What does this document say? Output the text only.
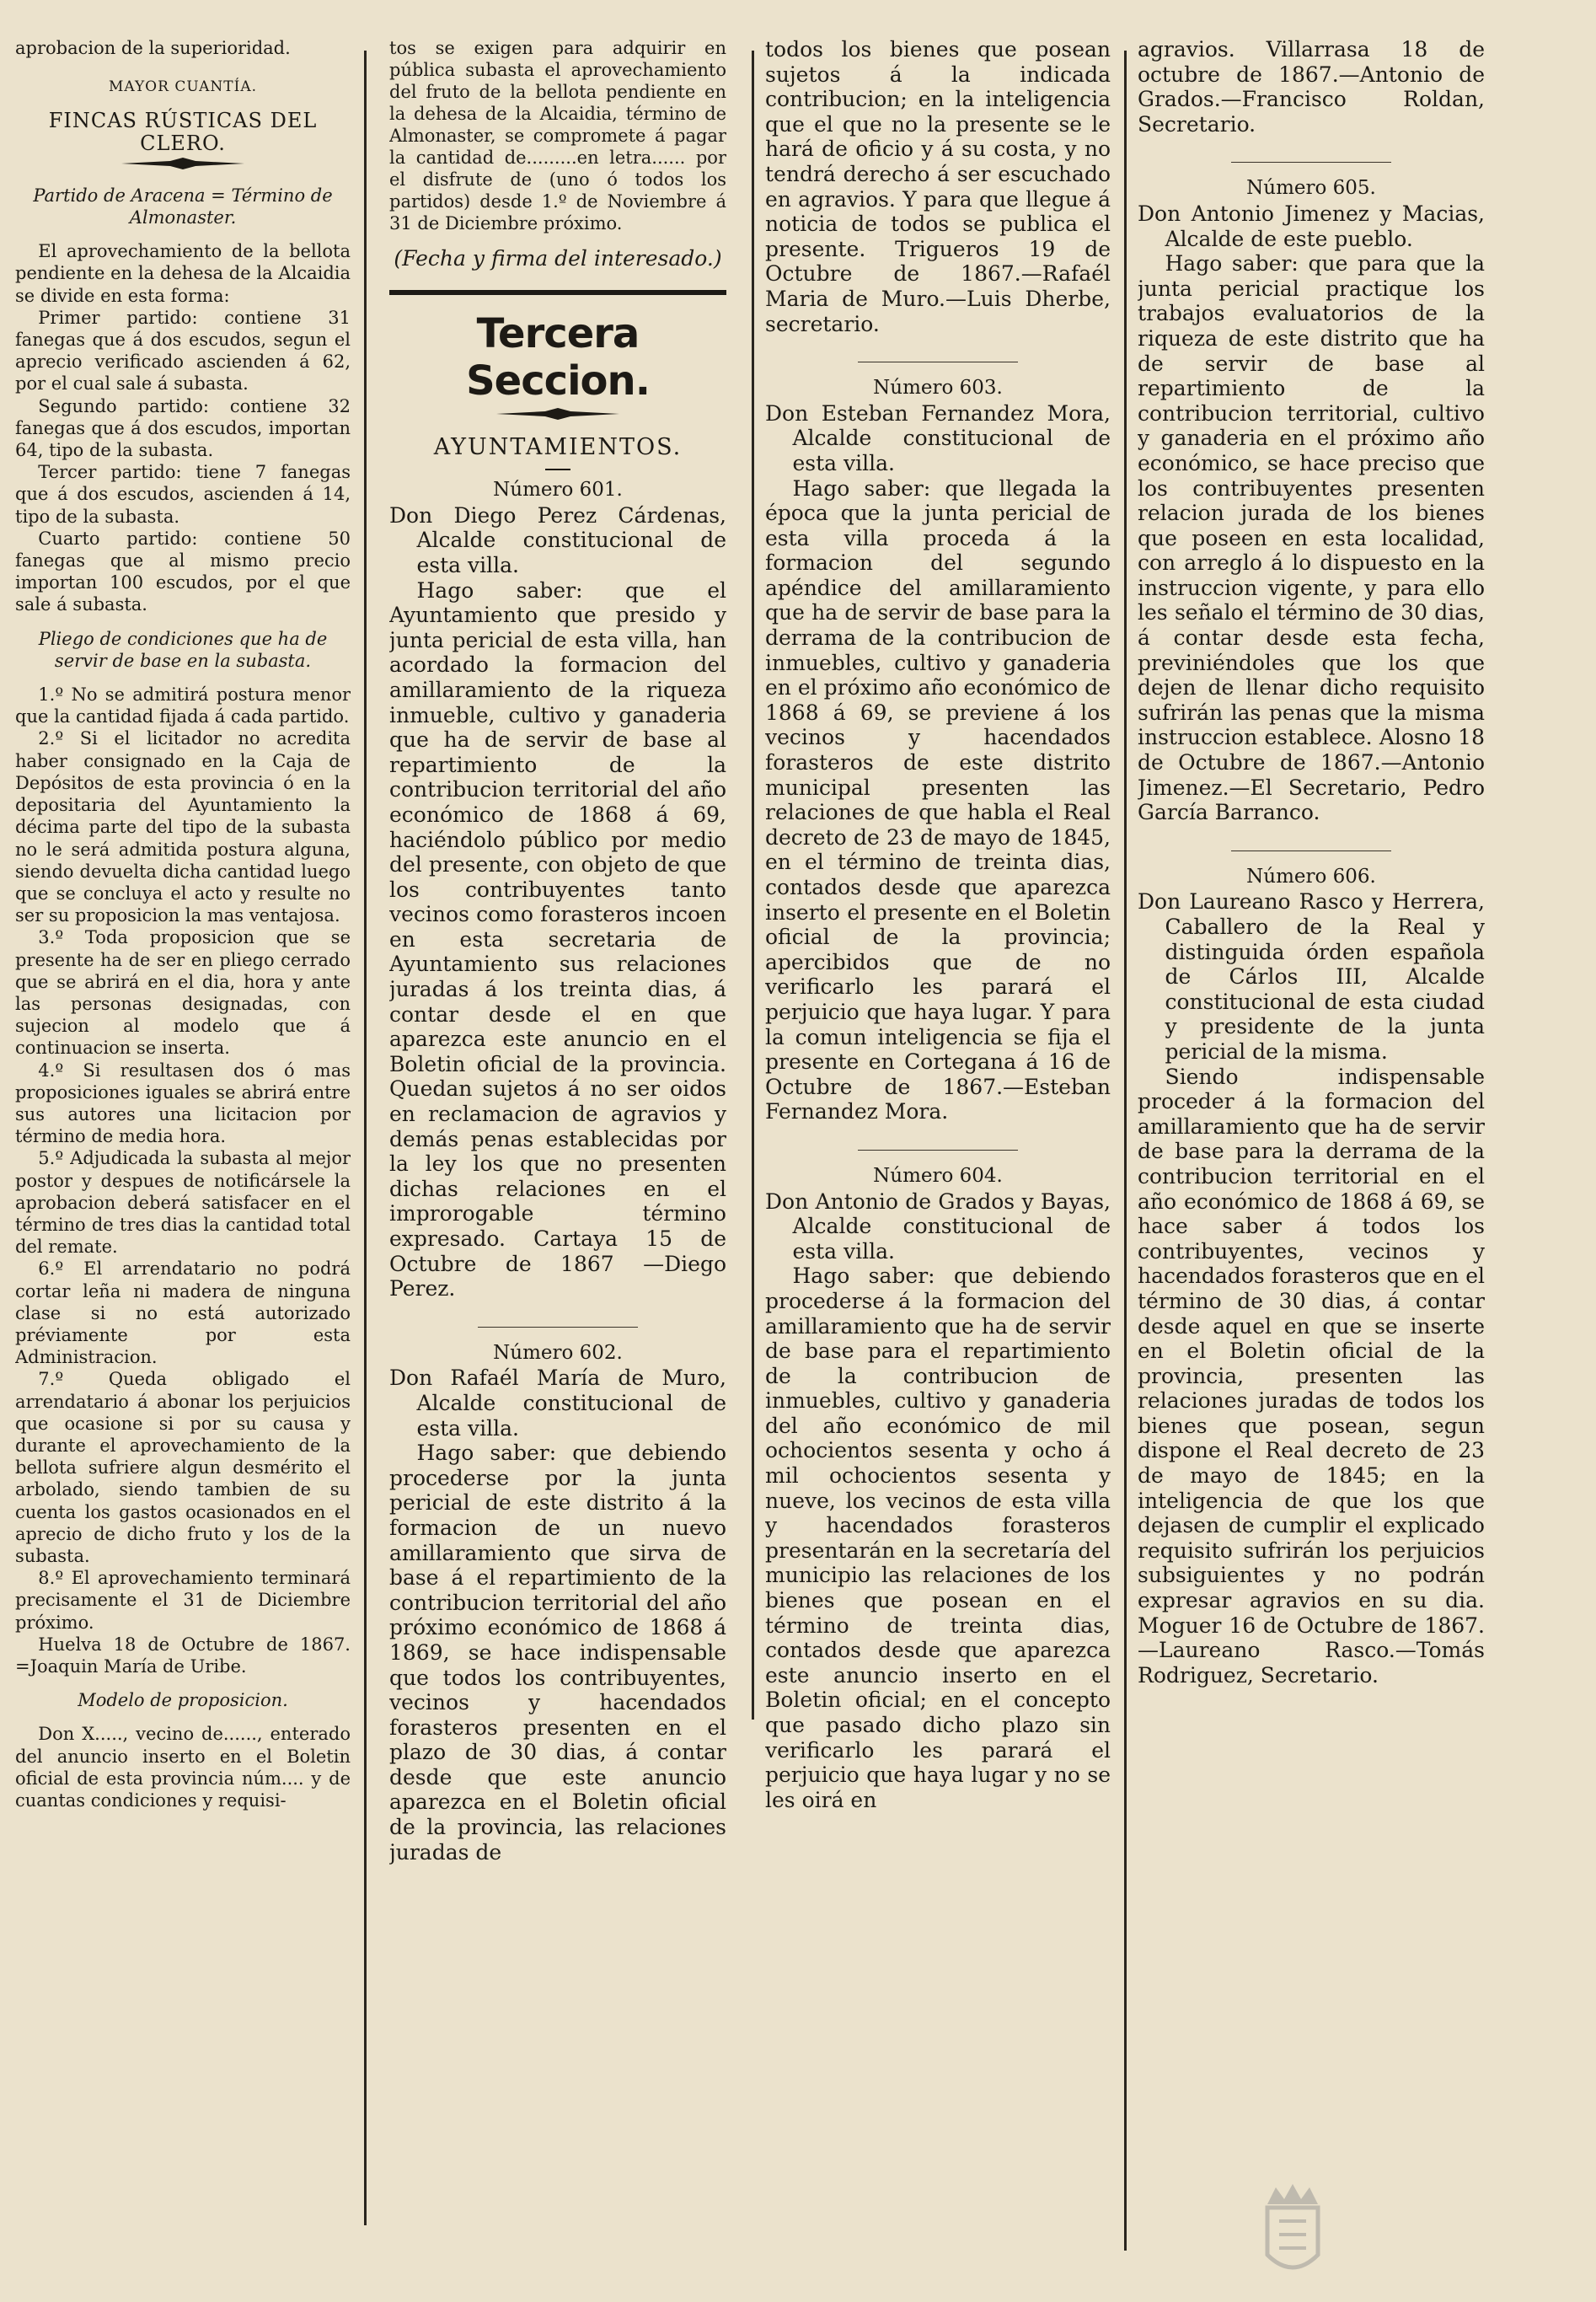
aprobacion de la superioridad.

MAYOR CUANTÍA.

FINCAS RÚSTICAS DEL CLERO.

Partido de Aracena = Término de Almonaster.

El aprovechamiento de la bellota pendiente en la dehesa de la Alcaidia se divide en esta forma:

Primer partido: contiene 31 fanegas que á dos escudos, segun el aprecio verificado ascienden á 62, por el cual sale á subasta.

Segundo partido: contiene 32 fanegas que á dos escudos, importan 64, tipo de la subasta.

Tercer partido: tiene 7 fanegas que á dos escudos, ascienden á 14, tipo de la subasta.

Cuarto partido: contiene 50 fanegas que al mismo precio importan 100 escudos, por el que sale á subasta.

Pliego de condiciones que ha de servir de base en la subasta.

1.º No se admitirá postura menor que la cantidad fijada á cada partido.

2.º Si el licitador no acredita haber consignado en la Caja de Depósitos de esta provincia ó en la depositaria del Ayuntamiento la décima parte del tipo de la subasta no le será admitida postura alguna, siendo devuelta dicha cantidad luego que se concluya el acto y resulte no ser su proposicion la mas ventajosa.

3.º Toda proposicion que se presente ha de ser en pliego cerrado que se abrirá en el dia, hora y ante las personas designadas, con sujecion al modelo que á continuacion se inserta.

4.º Si resultasen dos ó mas proposiciones iguales se abrirá entre sus autores una licitacion por término de media hora.

5.º Adjudicada la subasta al mejor postor y despues de notificársele la aprobacion deberá satisfacer en el término de tres dias la cantidad total del remate.

6.º El arrendatario no podrá cortar leña ni madera de ninguna clase si no está autorizado préviamente por esta Administracion.

7.º Queda obligado el arrendatario á abonar los perjuicios que ocasione si por su causa y durante el aprovechamiento de la bellota sufriere algun desmérito el arbolado, siendo tambien de su cuenta los gastos ocasionados en el aprecio de dicho fruto y los de la subasta.

8.º El aprovechamiento terminará precisamente el 31 de Diciembre próximo.

Huelva 18 de Octubre de 1867. =Joaquin María de Uribe.

Modelo de proposicion.

Don X....., vecino de......, enterado del anuncio inserto en el Boletin oficial de esta provincia núm.... y de cuantas condiciones y requisi-

tos se exigen para adquirir en pública subasta el aprovechamiento del fruto de la bellota pendiente en la dehesa de la Alcaidia, término de Almonaster, se compromete á pagar la cantidad de.........en letra...... por el disfrute de (uno ó todos los partidos) desde 1.º de Noviembre á 31 de Diciembre próximo.

(Fecha y firma del interesado.)

Tercera Seccion.

AYUNTAMIENTOS.

Número 601.

Don Diego Perez Cárdenas, Alcalde constitucional de esta villa.

Hago saber: que el Ayuntamiento que presido y junta pericial de esta villa, han acordado la formacion del amillaramiento de la riqueza inmueble, cultivo y ganaderia que ha de servir de base al repartimiento de la contribucion territorial del año económico de 1868 á 69, haciéndolo público por medio del presente, con objeto de que los contribuyentes tanto vecinos como forasteros incoen en esta secretaria de Ayuntamiento sus relaciones juradas á los treinta dias, á contar desde el en que aparezca este anuncio en el Boletin oficial de la provincia. Quedan sujetos á no ser oidos en reclamacion de agravios y demás penas establecidas por la ley los que no presenten dichas relaciones en el improrogable término expresado. Cartaya 15 de Octubre de 1867 —Diego Perez.

Número 602.

Don Rafaél María de Muro, Alcalde constitucional de esta villa.

Hago saber: que debiendo procederse por la junta pericial de este distrito á la formacion de un nuevo amillaramiento que sirva de base á el repartimiento de la contribucion territorial del año próximo económico de 1868 á 1869, se hace indispensable que todos los contribuyentes, vecinos y hacendados forasteros presenten en el plazo de 30 dias, á contar desde que este anuncio aparezca en el Boletin oficial de la provincia, las relaciones juradas de

todos los bienes que posean sujetos á la indicada contribucion; en la inteligencia que el que no la presente se le hará de oficio y á su costa, y no tendrá derecho á ser escuchado en agravios. Y para que llegue á noticia de todos se publica el presente. Trigueros 19 de Octubre de 1867.—Rafaél Maria de Muro.—Luis Dherbe, secretario.

Número 603.

Don Esteban Fernandez Mora, Alcalde constitucional de esta villa.

Hago saber: que llegada la época que la junta pericial de esta villa proceda á la formacion del segundo apéndice del amillaramiento que ha de servir de base para la derrama de la contribucion de inmuebles, cultivo y ganaderia en el próximo año económico de 1868 á 69, se previene á los vecinos y hacendados forasteros de este distrito municipal presenten las relaciones de que habla el Real decreto de 23 de mayo de 1845, en el término de treinta dias, contados desde que aparezca inserto el presente en el Boletin oficial de la provincia; apercibidos que de no verificarlo les parará el perjuicio que haya lugar. Y para la comun inteligencia se fija el presente en Cortegana á 16 de Octubre de 1867.—Esteban Fernandez Mora.

Número 604.

Don Antonio de Grados y Bayas, Alcalde constitucional de esta villa.

Hago saber: que debiendo procederse á la formacion del amillaramiento que ha de servir de base para el repartimiento de la contribucion de inmuebles, cultivo y ganaderia del año económico de mil ochocientos sesenta y ocho á mil ochocientos sesenta y nueve, los vecinos de esta villa y hacendados forasteros presentarán en la secretaría del municipio las relaciones de los bienes que posean en el término de treinta dias, contados desde que aparezca este anuncio inserto en el Boletin oficial; en el concepto que pasado dicho plazo sin verificarlo les parará el perjuicio que haya lugar y no se les oirá en

agravios. Villarrasa 18 de octubre de 1867.—Antonio de Grados.—Francisco Roldan, Secretario.

Número 605.

Don Antonio Jimenez y Macias, Alcalde de este pueblo.

Hago saber: que para que la junta pericial practique los trabajos evaluatorios de la riqueza de este distrito que ha de servir de base al repartimiento de la contribucion territorial, cultivo y ganaderia en el próximo año económico, se hace preciso que los contribuyentes presenten relacion jurada de los bienes que poseen en esta localidad, con arreglo á lo dispuesto en la instruccion vigente, y para ello les señalo el término de 30 dias, á contar desde esta fecha, previniéndoles que los que dejen de llenar dicho requisito sufrirán las penas que la misma instruccion establece. Alosno 18 de Octubre de 1867.—Antonio Jimenez.—El Secretario, Pedro García Barranco.

Número 606.

Don Laureano Rasco y Herrera, Caballero de la Real y distinguida órden española de Cárlos III, Alcalde constitucional de esta ciudad y presidente de la junta pericial de la misma.

Siendo indispensable proceder á la formacion del amillaramiento que ha de servir de base para la derrama de la contribucion territorial en el año económico de 1868 á 69, se hace saber á todos los contribuyentes, vecinos y hacendados forasteros que en el término de 30 dias, á contar desde aquel en que se inserte en el Boletin oficial de la provincia, presenten las relaciones juradas de todos los bienes que posean, segun dispone el Real decreto de 23 de mayo de 1845; en la inteligencia de que los que dejasen de cumplir el explicado requisito sufrirán los perjuicios subsiguientes y no podrán expresar agravios en su dia. Moguer 16 de Octubre de 1867. —Laureano Rasco.—Tomás Rodriguez, Secretario.
